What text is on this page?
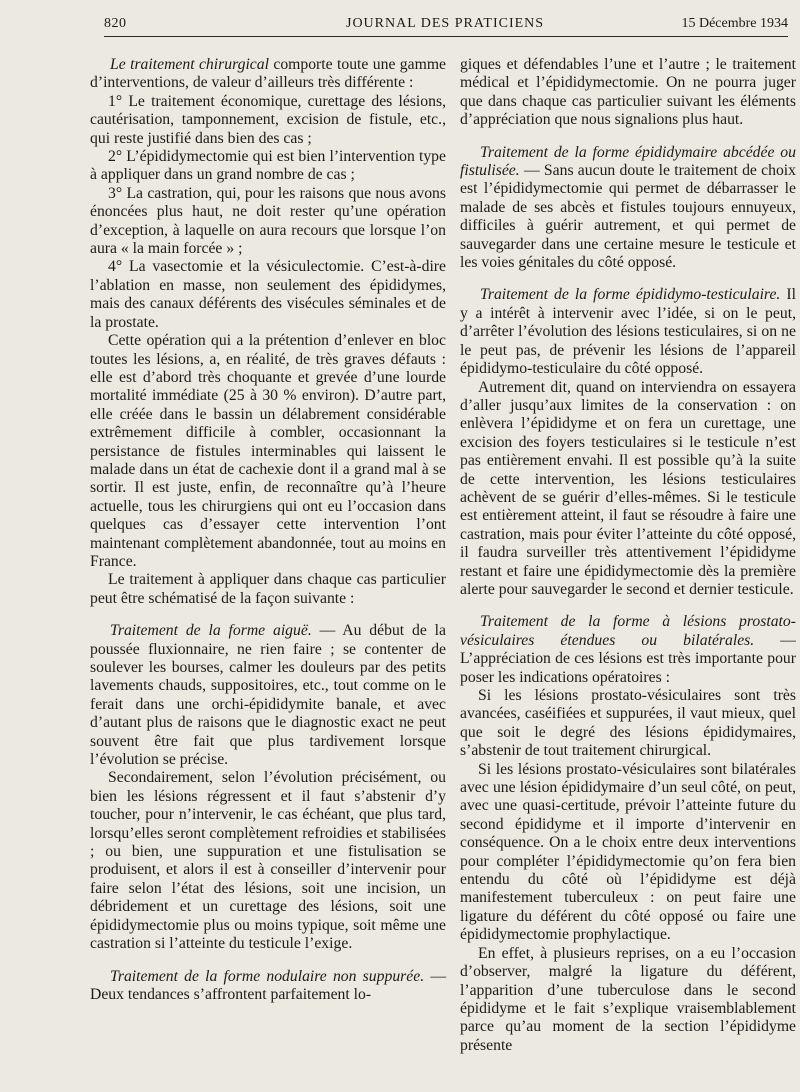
820	JOURNAL DES PRATICIENS	15 Décembre 1934

Le traitement chirurgical comporte toute une gamme d’interventions, de valeur d’ailleurs très différente :

1° Le traitement économique, curettage des lésions, cautérisation, tamponnement, excision de fistule, etc., qui reste justifié dans bien des cas ;

2° L’épididymectomie qui est bien l’intervention type à appliquer dans un grand nombre de cas ;

3° La castration, qui, pour les raisons que nous avons énoncées plus haut, ne doit rester qu’une opération d’exception, à laquelle on aura recours que lorsque l’on aura « la main forcée » ;

4° La vasectomie et la vésiculectomie. C’est-à-dire l’ablation en masse, non seulement des épididymes, mais des canaux déférents des visécules séminales et de la prostate.

Cette opération qui a la prétention d’enlever en bloc toutes les lésions, a, en réalité, de très graves défauts : elle est d’abord très choquante et grevée d’une lourde mortalité immédiate (25 à 30 % environ). D’autre part, elle créée dans le bassin un délabrement considérable extrêmement difficile à combler, occasionnant la persistance de fistules interminables qui laissent le malade dans un état de cachexie dont il a grand mal à se sortir. Il est juste, enfin, de reconnaître qu’à l’heure actuelle, tous les chirurgiens qui ont eu l’occasion dans quelques cas d’essayer cette intervention l’ont maintenant complètement abandonnée, tout au moins en France.

Le traitement à appliquer dans chaque cas particulier peut être schématisé de la façon suivante :

Traitement de la forme aiguë. — Au début de la poussée fluxionnaire, ne rien faire ; se contenter de soulever les bourses, calmer les douleurs par des petits lavements chauds, suppositoires, etc., tout comme on le ferait dans une orchi-épididymite banale, et avec d’autant plus de raisons que le diagnostic exact ne peut souvent être fait que plus tardivement lorsque l’évolution se précise.

Secondairement, selon l’évolution précisément, ou bien les lésions régressent et il faut s’abstenir d’y toucher, pour n’intervenir, le cas échéant, que plus tard, lorsqu’elles seront complètement refroidies et stabilisées ; ou bien, une suppuration et une fistulisation se produisent, et alors il est à conseiller d’intervenir pour faire selon l’état des lésions, soit une incision, un débridement et un curettage des lésions, soit une épididymectomie plus ou moins typique, soit même une castration si l’atteinte du testicule l’exige.

Traitement de la forme nodulaire non suppurée. — Deux tendances s’affrontent parfaitement lo-

giques et défendables l’une et l’autre ; le traitement médical et l’épididymectomie. On ne pourra juger que dans chaque cas particulier suivant les éléments d’appréciation que nous signalions plus haut.

Traitement de la forme épididymaire abcédée ou fistulisée. — Sans aucun doute le traitement de choix est l’épididymectomie qui permet de débarrasser le malade de ses abcès et fistules toujours ennuyeux, difficiles à guérir autrement, et qui permet de sauvegarder dans une certaine mesure le testicule et les voies génitales du côté opposé.

Traitement de la forme épididymo-testiculaire. Il y a intérêt à intervenir avec l’idée, si on le peut, d’arrêter l’évolution des lésions testiculaires, si on ne le peut pas, de prévenir les lésions de l’appareil épididymo-testiculaire du côté opposé.

Autrement dit, quand on interviendra on essayera d’aller jusqu’aux limites de la conservation : on enlèvera l’épididyme et on fera un curettage, une excision des foyers testiculaires si le testicule n’est pas entièrement envahi. Il est possible qu’à la suite de cette intervention, les lésions testiculaires achèvent de se guérir d’elles-mêmes. Si le testicule est entièrement atteint, il faut se résoudre à faire une castration, mais pour éviter l’atteinte du côté opposé, il faudra surveiller très attentivement l’épididyme restant et faire une épididymectomie dès la première alerte pour sauvegarder le second et dernier testicule.

Traitement de la forme à lésions prostato-vésiculaires étendues ou bilatérales. — L’appréciation de ces lésions est très importante pour poser les indications opératoires :

Si les lésions prostato-vésiculaires sont très avancées, caséifiées et suppurées, il vaut mieux, quel que soit le degré des lésions épididymaires, s’abstenir de tout traitement chirurgical.

Si les lésions prostato-vésiculaires sont bilatérales avec une lésion épididymaire d’un seul côté, on peut, avec une quasi-certitude, prévoir l’atteinte future du second épididyme et il importe d’intervenir en conséquence. On a le choix entre deux interventions pour compléter l’épididymectomie qu’on fera bien entendu du côté où l’épididyme est déjà manifestement tuberculeux : on peut faire une ligature du déférent du côté opposé ou faire une épididymectomie prophylactique.

En effet, à plusieurs reprises, on a eu l’occasion d’observer, malgré la ligature du déférent, l’apparition d’une tuberculose dans le second épididyme et le fait s’explique vraisemblablement parce qu’au moment de la section l’épididyme présente
